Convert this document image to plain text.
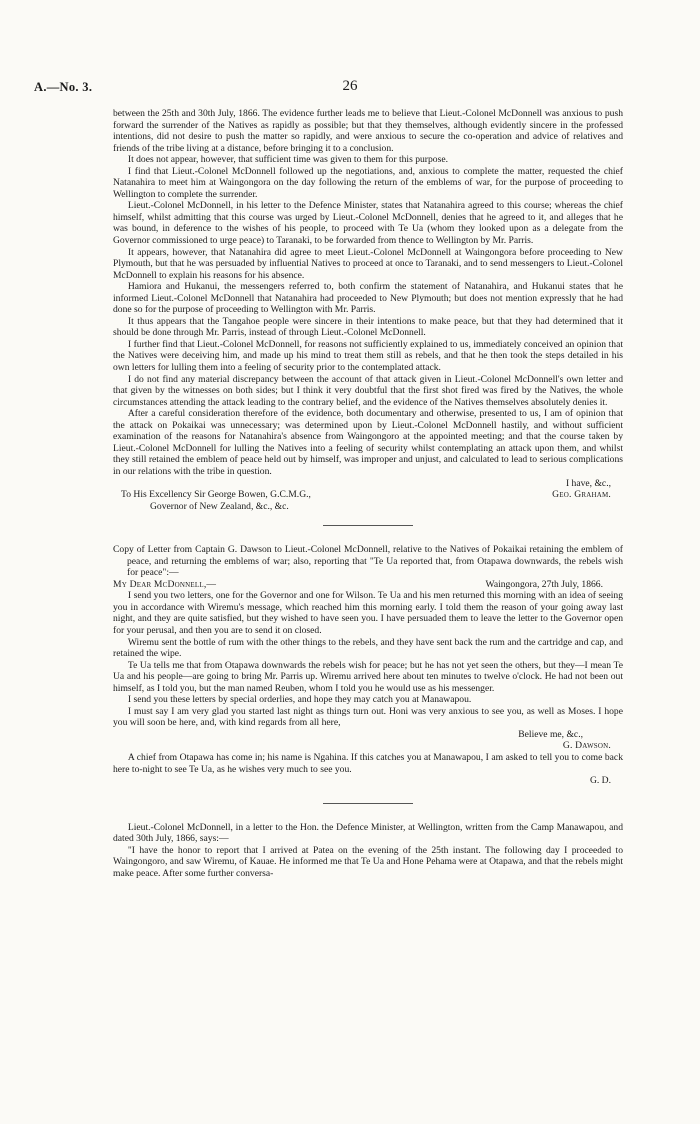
A.—No. 3.	26

between the 25th and 30th July, 1866. The evidence further leads me to believe that Lieut.-Colonel McDonnell was anxious to push forward the surrender of the Natives as rapidly as possible; but that they themselves, although evidently sincere in the professed intentions, did not desire to push the matter so rapidly, and were anxious to secure the co-operation and advice of relatives and friends of the tribe living at a distance, before bringing it to a conclusion.

It does not appear, however, that sufficient time was given to them for this purpose.

I find that Lieut.-Colonel McDonnell followed up the negotiations, and, anxious to complete the matter, requested the chief Natanahira to meet him at Waingongora on the day following the return of the emblems of war, for the purpose of proceeding to Wellington to complete the surrender.

Lieut.-Colonel McDonnell, in his letter to the Defence Minister, states that Natanahira agreed to this course; whereas the chief himself, whilst admitting that this course was urged by Lieut.-Colonel McDonnell, denies that he agreed to it, and alleges that he was bound, in deference to the wishes of his people, to proceed with Te Ua (whom they looked upon as a delegate from the Governor commissioned to urge peace) to Taranaki, to be forwarded from thence to Wellington by Mr. Parris.

It appears, however, that Natanahira did agree to meet Lieut.-Colonel McDonnell at Waingongora before proceeding to New Plymouth, but that he was persuaded by influential Natives to proceed at once to Taranaki, and to send messengers to Lieut.-Colonel McDonnell to explain his reasons for his absence.

Hamiora and Hukanui, the messengers referred to, both confirm the statement of Natanahira, and Hukanui states that he informed Lieut.-Colonel McDonnell that Natanahira had proceeded to New Plymouth; but does not mention expressly that he had done so for the purpose of proceeding to Wellington with Mr. Parris.

It thus appears that the Tangahoe people were sincere in their intentions to make peace, but that they had determined that it should be done through Mr. Parris, instead of through Lieut.-Colonel McDonnell.

I further find that Lieut.-Colonel McDonnell, for reasons not sufficiently explained to us, immediately conceived an opinion that the Natives were deceiving him, and made up his mind to treat them still as rebels, and that he then took the steps detailed in his own letters for lulling them into a feeling of security prior to the contemplated attack.

I do not find any material discrepancy between the account of that attack given in Lieut.-Colonel McDonnell's own letter and that given by the witnesses on both sides; but I think it very doubtful that the first shot fired was fired by the Natives, the whole circumstances attending the attack leading to the contrary belief, and the evidence of the Natives themselves absolutely denies it.

After a careful consideration therefore of the evidence, both documentary and otherwise, presented to us, I am of opinion that the attack on Pokaikai was unnecessary; was determined upon by Lieut.-Colonel McDonnell hastily, and without sufficient examination of the reasons for Natanahira's absence from Waingongoro at the appointed meeting; and that the course taken by Lieut.-Colonel McDonnell for lulling the Natives into a feeling of security whilst contemplating an attack upon them, and whilst they still retained the emblem of peace held out by himself, was improper and unjust, and calculated to lead to serious complications in our relations with the tribe in question.

I have, &c.,

To His Excellency Sir George Bowen, G.C.M.G.,	Geo. Graham.

Governor of New Zealand, &c., &c.

Copy of Letter from Captain G. Dawson to Lieut.-Colonel McDonnell, relative to the Natives of Pokaikai retaining the emblem of peace, and returning the emblems of war; also, reporting that "Te Ua reported that, from Otapawa downwards, the rebels wish for peace":—

My Dear McDonnell,—	Waingongora, 27th July, 1866.

I send you two letters, one for the Governor and one for Wilson. Te Ua and his men returned this morning with an idea of seeing you in accordance with Wiremu's message, which reached him this morning early. I told them the reason of your going away last night, and they are quite satisfied, but they wished to have seen you. I have persuaded them to leave the letter to the Governor open for your perusal, and then you are to send it on closed.

Wiremu sent the bottle of rum with the other things to the rebels, and they have sent back the rum and the cartridge and cap, and retained the wipe.

Te Ua tells me that from Otapawa downwards the rebels wish for peace; but he has not yet seen the others, but they—I mean Te Ua and his people—are going to bring Mr. Parris up. Wiremu arrived here about ten minutes to twelve o'clock. He had not been out himself, as I told you, but the man named Reuben, whom I told you he would use as his messenger.

I send you these letters by special orderlies, and hope they may catch you at Manawapou.

I must say I am very glad you started last night as things turn out. Honi was very anxious to see you, as well as Moses. I hope you will soon be here, and, with kind regards from all here,

Believe me, &c.,

G. Dawson.

A chief from Otapawa has come in; his name is Ngahina. If this catches you at Manawapou, I am asked to tell you to come back here to-night to see Te Ua, as he wishes very much to see you.

G. D.

Lieut.-Colonel McDonnell, in a letter to the Hon. the Defence Minister, at Wellington, written from the Camp Manawapou, and dated 30th July, 1866, says:—

"I have the honor to report that I arrived at Patea on the evening of the 25th instant. The following day I proceeded to Waingongoro, and saw Wiremu, of Kauae. He informed me that Te Ua and Hone Pehama were at Otapawa, and that the rebels might make peace. After some further conversa-
